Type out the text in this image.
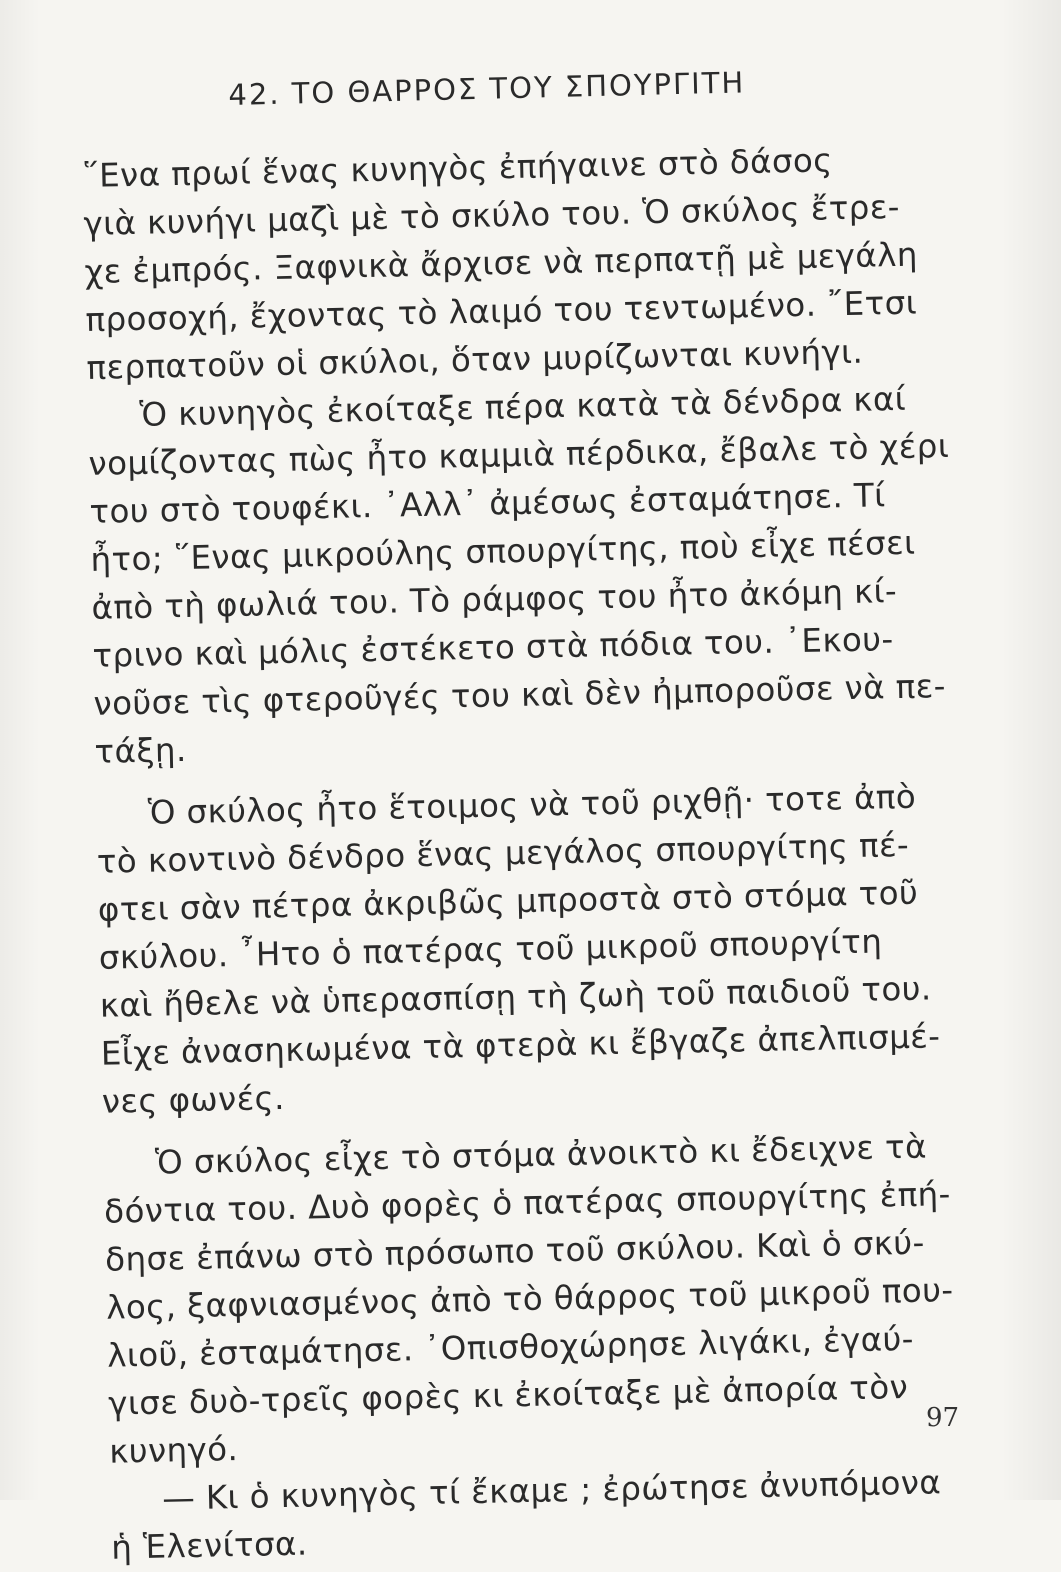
42. ΤΟ ΘΑΡΡΟΣ ΤΟΥ ΣΠΟΥΡΓΙΤΗ
῞Ενα πρωί ἕνας κυνηγὸς ἐπήγαινε στὸ δάσος
γιὰ κυνήγι μαζὶ μὲ τὸ σκύλο του. Ὁ σκύλος ἔτρε-
χε ἐμπρός. Ξαφνικὰ ἄρχισε νὰ περπατῇ μὲ μεγάλη
προσοχή, ἔχοντας τὸ λαιμό του τεντωμένο. ῎Ετσι
περπατοῦν οἱ σκύλοι, ὅταν μυρίζωνται κυνήγι.
Ὁ κυνηγὸς ἐκοίταξε πέρα κατὰ τὰ δένδρα καί
νομίζοντας πὼς ἦτο καμμιὰ πέρδικα, ἔβαλε τὸ χέρι
του στὸ τουφέκι. ᾿Αλλ᾿ ἀμέσως ἐσταμάτησε. Τί
ἦτο; ῞Ενας μικρούλης σπουργίτης, ποὺ εἶχε πέσει
ἀπὸ τὴ φωλιά του. Τὸ ράμφος του ἦτο ἀκόμη κί-
τρινο καὶ μόλις ἐστέκετο στὰ πόδια του. ᾿Εκου-
νοῦσε τὶς φτεροῦγές του καὶ δὲν ἠμποροῦσε νὰ πε-
τάξῃ.
Ὁ σκύλος ἦτο ἕτοιμος νὰ τοῦ ριχθῇ· τοτε ἀπὸ
τὸ κοντινὸ δένδρο ἕνας μεγάλος σπουργίτης πέ-
φτει σὰν πέτρα ἀκριβῶς μπροστὰ στὸ στόμα τοῦ
σκύλου. ῏Ητο ὁ πατέρας τοῦ μικροῦ σπουργίτη
καὶ ἤθελε νὰ ὑπερασπίσῃ τὴ ζωὴ τοῦ παιδιοῦ του.
Εἶχε ἀνασηκωμένα τὰ φτερὰ κι ἔβγαζε ἀπελπισμέ-
νες φωνές.
Ὁ σκύλος εἶχε τὸ στόμα ἀνοικτὸ κι ἔδειχνε τὰ
δόντια του. Δυὸ φορὲς ὁ πατέρας σπουργίτης ἐπή-
δησε ἐπάνω στὸ πρόσωπο τοῦ σκύλου. Καὶ ὁ σκύ-
λος, ξαφνιασμένος ἀπὸ τὸ θάρρος τοῦ μικροῦ που-
λιοῦ, ἐσταμάτησε. ᾿Οπισθοχώρησε λιγάκι, ἐγαύ-
γισε δυὸ-τρεῖς φορὲς κι ἐκοίταξε μὲ ἀπορία τὸν
κυνηγό.
— Κι ὁ κυνηγὸς τί ἔκαμε ; ἐρώτησε ἀνυπόμονα
ἡ Ἑλενίτσα.
97
